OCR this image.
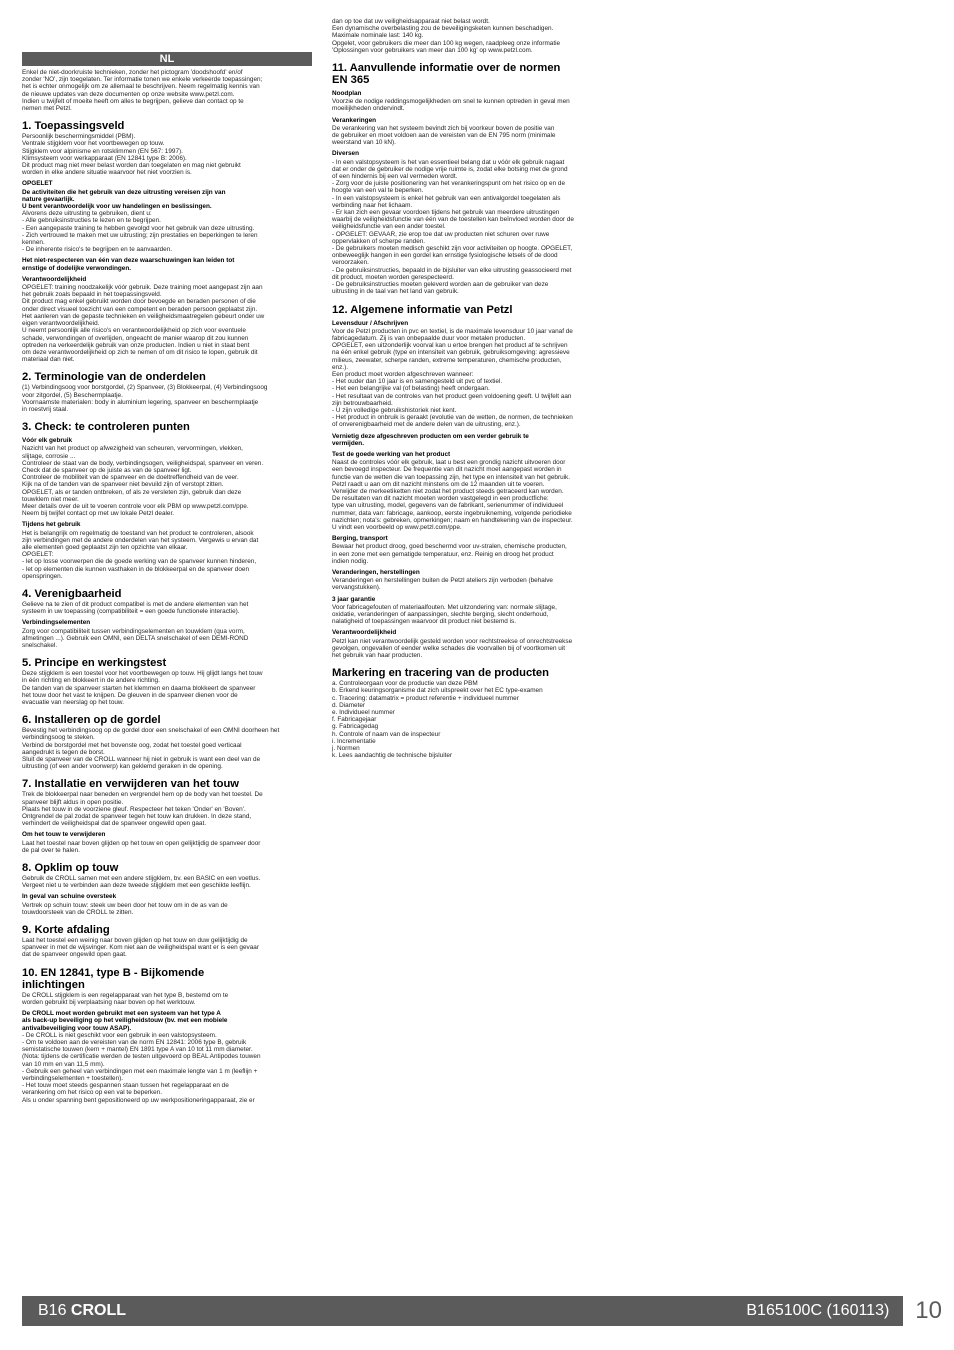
NL

Enkel de niet-doorkruiste technieken, zonder het pictogram 'doodshoofd' en/of
zonder 'NO', zijn toegelaten. Ter informatie tonen we enkele verkeerde toepassingen;
het is echter onmogelijk om ze allemaal te beschrijven. Neem regelmatig kennis van
de nieuwe updates van deze documenten op onze website www.petzl.com.
Indien u twijfelt of moeite heeft om alles te begrijpen, gelieve dan contact op te
nemen met Petzl.

1. Toepassingsveld

Persoonlijk beschermingsmiddel (PBM).
Ventrale stijgklem voor het voortbewegen op touw.
Stijgklem voor alpinisme en rotsklimmen (EN 567: 1997).
Klimsysteem voor werkapparaat (EN 12841 type B: 2006).
Dit product mag niet meer belast worden dan toegelaten en mag niet gebruikt
worden in elke andere situatie waarvoor het niet voorzien is.

OPGELET

De activiteiten die het gebruik van deze uitrusting vereisen zijn van
nature gevaarlijk.
U bent verantwoordelijk voor uw handelingen en beslissingen.

Alvorens deze uitrusting te gebruiken, dient u:
- Alle gebruiksinstructies te lezen en te begrijpen.
- Een aangepaste training te hebben gevolgd voor het gebruik van deze uitrusting.
- Zich vertrouwd te maken met uw uitrusting; zijn prestaties en beperkingen te leren
kennen.
- De inherente risico's te begrijpen en te aanvaarden.

Het niet-respecteren van één van deze waarschuwingen kan leiden tot
ernstige of dodelijke verwondingen.

Verantwoordelijkheid

OPGELET: training noodzakelijk vóór gebruik. Deze training moet aangepast zijn aan
het gebruik zoals bepaald in het toepassingsveld.
Dit product mag enkel gebruikt worden door bevoegde en beraden personen of die
onder direct visueel toezicht van een competent en beraden persoon geplaatst zijn.
Het aanleren van de gepaste technieken en veiligheidsmaatregelen gebeurt onder uw
eigen verantwoordelijkheid.
U neemt persoonlijk alle risico's en verantwoordelijkheid op zich voor eventuele
schade, verwondingen of overlijden, ongeacht de manier waarop dit zou kunnen
optreden na verkeerdelijk gebruik van onze producten. Indien u niet in staat bent
om deze verantwoordelijkheid op zich te nemen of om dit risico te lopen, gebruik dit
materiaal dan niet.

2. Terminologie van de onderdelen

(1) Verbindingsoog voor borstgordel, (2) Spanveer, (3) Blokkeerpal, (4) Verbindingsoog
voor zitgordel, (5) Beschermplaatje.
Voornaamste materialen: body in aluminium legering, spanveer en beschermplaatje
in roestvrij staal.

3. Check: te controleren punten
Vóór elk gebruik

Nazicht van het product op afwezigheid van scheuren, vervormingen, vlekken,
slijtage, corrosie ...
Controleer de staat van de body, verbindingsogen, veiligheidspal, spanveer en veren.
Check dat de spanveer op de juiste as van de spanveer ligt.
Controleer de mobiliteit van de spanveer en de doeltreffendheid van de veer.
Kijk na of de tanden van de spanveer niet bevuild zijn of verstopt zitten.
OPGELET, als er tanden ontbreken, of als ze versleten zijn, gebruik dan deze
touwklem niet meer.
Meer details over de uit te voeren controle voor elk PBM op www.petzl.com/ppe.
Neem bij twijfel contact op met uw lokale Petzl dealer.

Tijdens het gebruik

Het is belangrijk om regelmatig de toestand van het product te controleren, alsook
zijn verbindingen met de andere onderdelen van het systeem. Vergewis u ervan dat
alle elementen goed geplaatst zijn ten opzichte van elkaar.
OPGELET:
- let op losse voorwerpen die de goede werking van de spanveer kunnen hinderen,
- let op elementen die kunnen vasthaken in de blokkeerpal en de spanveer doen
openspringen.

4. Verenigbaarheid

Gelieve na te zien of dit product compatibel is met de andere elementen van het
systeem in uw toepassing (compatibiliteit = een goede functionele interactie).

Verbindingselementen

Zorg voor compatibiliteit tussen verbindingselementen en touwklem (qua vorm,
afmetingen ...). Gebruik een OMNI, een DELTA snelschakel of een DEMI-ROND
snelschakel.

5. Principe en werkingstest

Deze stijgklem is een toestel voor het voortbewegen op touw. Hij glijdt langs het touw
in één richting en blokkeert in de andere richting.
De tanden van de spanveer starten het klemmen en daarna blokkeert de spanveer
het touw door het vast te knijpen. De gleuven in de spanveer dienen voor de
evacuatie van neerslag op het touw.

6. Installeren op de gordel

Bevestig het verbindingsoog op de gordel door een snelschakel of een OMNI doorheen het
verbindingsoog te steken.
Verbind de borstgordel met het bovenste oog, zodat het toestel goed verticaal
aangedrukt is tegen de borst.
Sluit de spanveer van de CROLL wanneer hij niet in gebruik is want een deel van de
uitrusting (of een ander voorwerp) kan geklemd geraken in de opening.

7. Installatie en verwijderen van het touw

Trek de blokkeerpal naar beneden en vergrendel hem op de body van het toestel. De
spanveer blijft aldus in open positie.
Plaats het touw in de voorziene gleuf. Respecteer het teken 'Onder' en 'Boven'.
Ontgrendel de pal zodat de spanveer tegen het touw kan drukken. In deze stand,
verhindert de veiligheidspal dat de spanveer ongewild open gaat.

Om het touw te verwijderen

Laat het toestel naar boven glijden op het touw en open gelijktijdig de spanveer door
de pal over te halen.

8. Opklim op touw

Gebruik de CROLL samen met een andere stijgklem, bv. een BASIC en een voetlus.
Vergeet niet u te verbinden aan deze tweede stijgklem met een geschikte leeflijn.

In geval van schuine oversteek

Vertrek op schuin touw: steek uw been door het touw om in de as van de
touwdoorsteek van de CROLL te zitten.

9. Korte afdaling

Laat het toestel een weinig naar boven glijden op het touw en duw gelijktijdig de
spanveer in met de wijsvinger. Kom niet aan de veiligheidspal want er is een gevaar
dat de spanveer ongewild open gaat.

10. EN 12841, type B - Bijkomende
inlichtingen

De CROLL stijgklem is een regelapparaat van het type B, bestemd om te
worden gebruikt bij verplaatsing naar boven op het werktouw.

De CROLL moet worden gebruikt met een systeem van het type A
als back-up beveiliging op het veiligheidstouw (bv. met een mobiele
antivalbeveiliging voor touw ASAP).

- De CROLL is niet geschikt voor een gebruik in een valstopsysteem.
- Om te voldoen aan de vereisten van de norm EN 12841: 2006 type B, gebruik
semistatische touwen (kern + mantel) EN 1891 type A van 10 tot 11 mm diameter.
(Nota: tijdens de certificatie werden de testen uitgevoerd op BEAL Antipodes touwen
van 10 mm en van 11,5 mm).
- Gebruik een geheel van verbindingen met een maximale lengte van 1 m (leeflijn +
verbindingselementen + toestellen).
- Het touw moet steeds gespannen staan tussen het regelapparaat en de
verankering om het risico op een val te beperken.
Als u onder spanning bent gepositioneerd op uw werkpositioneringapparaat, zie er

dan op toe dat uw veiligheidsapparaat niet belast wordt.
Een dynamische overbelasting zou de beveiligingsketen kunnen beschadigen.
Maximale nominale last: 140 kg.
Opgelet, voor gebruikers die meer dan 100 kg wegen, raadpleeg onze informatie
'Oplossingen voor gebruikers van meer dan 100 kg' op www.petzl.com.

11. Aanvullende informatie over de normen
EN 365
Noodplan

Voorzie de nodige reddingsmogelijkheden om snel te kunnen optreden in geval men
moeilijkheden ondervindt.

Verankeringen

De verankering van het systeem bevindt zich bij voorkeur boven de positie van
de gebruiker en moet voldoen aan de vereisten van de EN 795 norm (minimale
weerstand van 10 kN).

Diversen

- In een valstopsysteem is het van essentieel belang dat u vóór elk gebruik nagaat
dat er onder de gebruiker de nodige vrije ruimte is, zodat elke botsing met de grond
of een hindernis bij een val vermeden wordt.
- Zorg voor de juiste positionering van het verankeringspunt om het risico op en de
hoogte van een val te beperken.
- In een valstopsysteem is enkel het gebruik van een antivalgordel toegelaten als
verbinding naar het lichaam.
- Er kan zich een gevaar voordoen tijdens het gebruik van meerdere uitrustingen
waarbij de veiligheidsfunctie van één van de toestellen kan beïnvloed worden door de
veiligheidsfunctie van een ander toestel.
- OPGELET: GEVAAR, zie erop toe dat uw producten niet schuren over ruwe
oppervlakken of scherpe randen.
- De gebruikers moeten medisch geschikt zijn voor activiteiten op hoogte. OPGELET,
onbeweeglijk hangen in een gordel kan ernstige fysiologische letsels of de dood
veroorzaken.
- De gebruiksinstructies, bepaald in de bijsluiter van elke uitrusting geassocieerd met
dit product, moeten worden gerespecteerd.
- De gebruiksinstructies moeten geleverd worden aan de gebruiker van deze
uitrusting in de taal van het land van gebruik.

12. Algemene informatie van Petzl
Levensduur / Afschrijven

Voor de Petzl producten in pvc en textiel, is de maximale levensduur 10 jaar vanaf de
fabricagedatum. Zij is van onbepaalde duur voor metalen producten.
OPGELET, een uitzonderlijk voorval kan u ertoe brengen het product af te schrijven
na één enkel gebruik (type en intensiteit van gebruik, gebruiksomgeving: agressieve
milieus, zeewater, scherpe randen, extreme temperaturen, chemische producten,
enz.).
Een product moet worden afgeschreven wanneer:
- Het ouder dan 10 jaar is en samengesteld uit pvc of textiel.
- Het een belangrijke val (of belasting) heeft ondergaan.
- Het resultaat van de controles van het product geen voldoening geeft. U twijfelt aan
zijn betrouwbaarheid.
- U zijn volledige gebruikshistoriek niet kent.
- Het product in onbruik is geraakt (evolutie van de wetten, de normen, de technieken
of onverenigbaarheid met de andere delen van de uitrusting, enz.).

Vernietig deze afgeschreven producten om een verder gebruik te
vermijden.

Test de goede werking van het product

Naast de controles vóór elk gebruik, laat u best een grondig nazicht uitvoeren door
een bevoegd inspecteur. De frequentie van dit nazicht moet aangepast worden in
functie van de wetten die van toepassing zijn, het type en intensiteit van het gebruik.
Petzl raadt u aan om dit nazicht minstens om de 12 maanden uit te voeren.
Verwijder de merkeetiketten niet zodat het product steeds getraceerd kan worden.
De resultaten van dit nazicht moeten worden vastgelegd in een productfiche:
type van uitrusting, model, gegevens van de fabrikant, serienummer of individueel
nummer, data van: fabricage, aankoop, eerste ingebruikneming, volgende periodieke
nazichten; nota's: gebreken, opmerkingen; naam en handtekening van de inspecteur.
U vindt een voorbeeld op www.petzl.com/ppe.

Berging, transport

Bewaar het product droog, goed beschermd voor uv-stralen, chemische producten,
in een zone met een gematigde temperatuur, enz. Reinig en droog het product
indien nodig.

Veranderingen, herstellingen

Veranderingen en herstellingen buiten de Petzl ateliers zijn verboden (behalve
vervangstukken).

3 jaar garantie

Voor fabricagefouten of materiaalfouten. Met uitzondering van: normale slijtage,
oxidatie, veranderingen of aanpassingen, slechte berging, slecht onderhoud,
nalatigheid of toepassingen waarvoor dit product niet bestemd is.

Verantwoordelijkheid

Petzl kan niet verantwoordelijk gesteld worden voor rechtstreekse of onrechtstreekse
gevolgen, ongevallen of eender welke schades die voorvallen bij of voortkomen uit
het gebruik van haar producten.

Markering en tracering van de producten

a. Controleorgaan voor de productie van deze PBM
b. Erkend keuringsorganisme dat zich uitspreekt over het EC type-examen
c. Tracering: datamatrix = product referentie + individueel nummer
d. Diameter
e. Individueel nummer
f. Fabricagejaar
g. Fabricagedag
h. Controle of naam van de inspecteur
i. Incrementatie
j. Normen
k. Lees aandachtig de technische bijsluiter

B16 CROLL	B165100C (160113)	10
